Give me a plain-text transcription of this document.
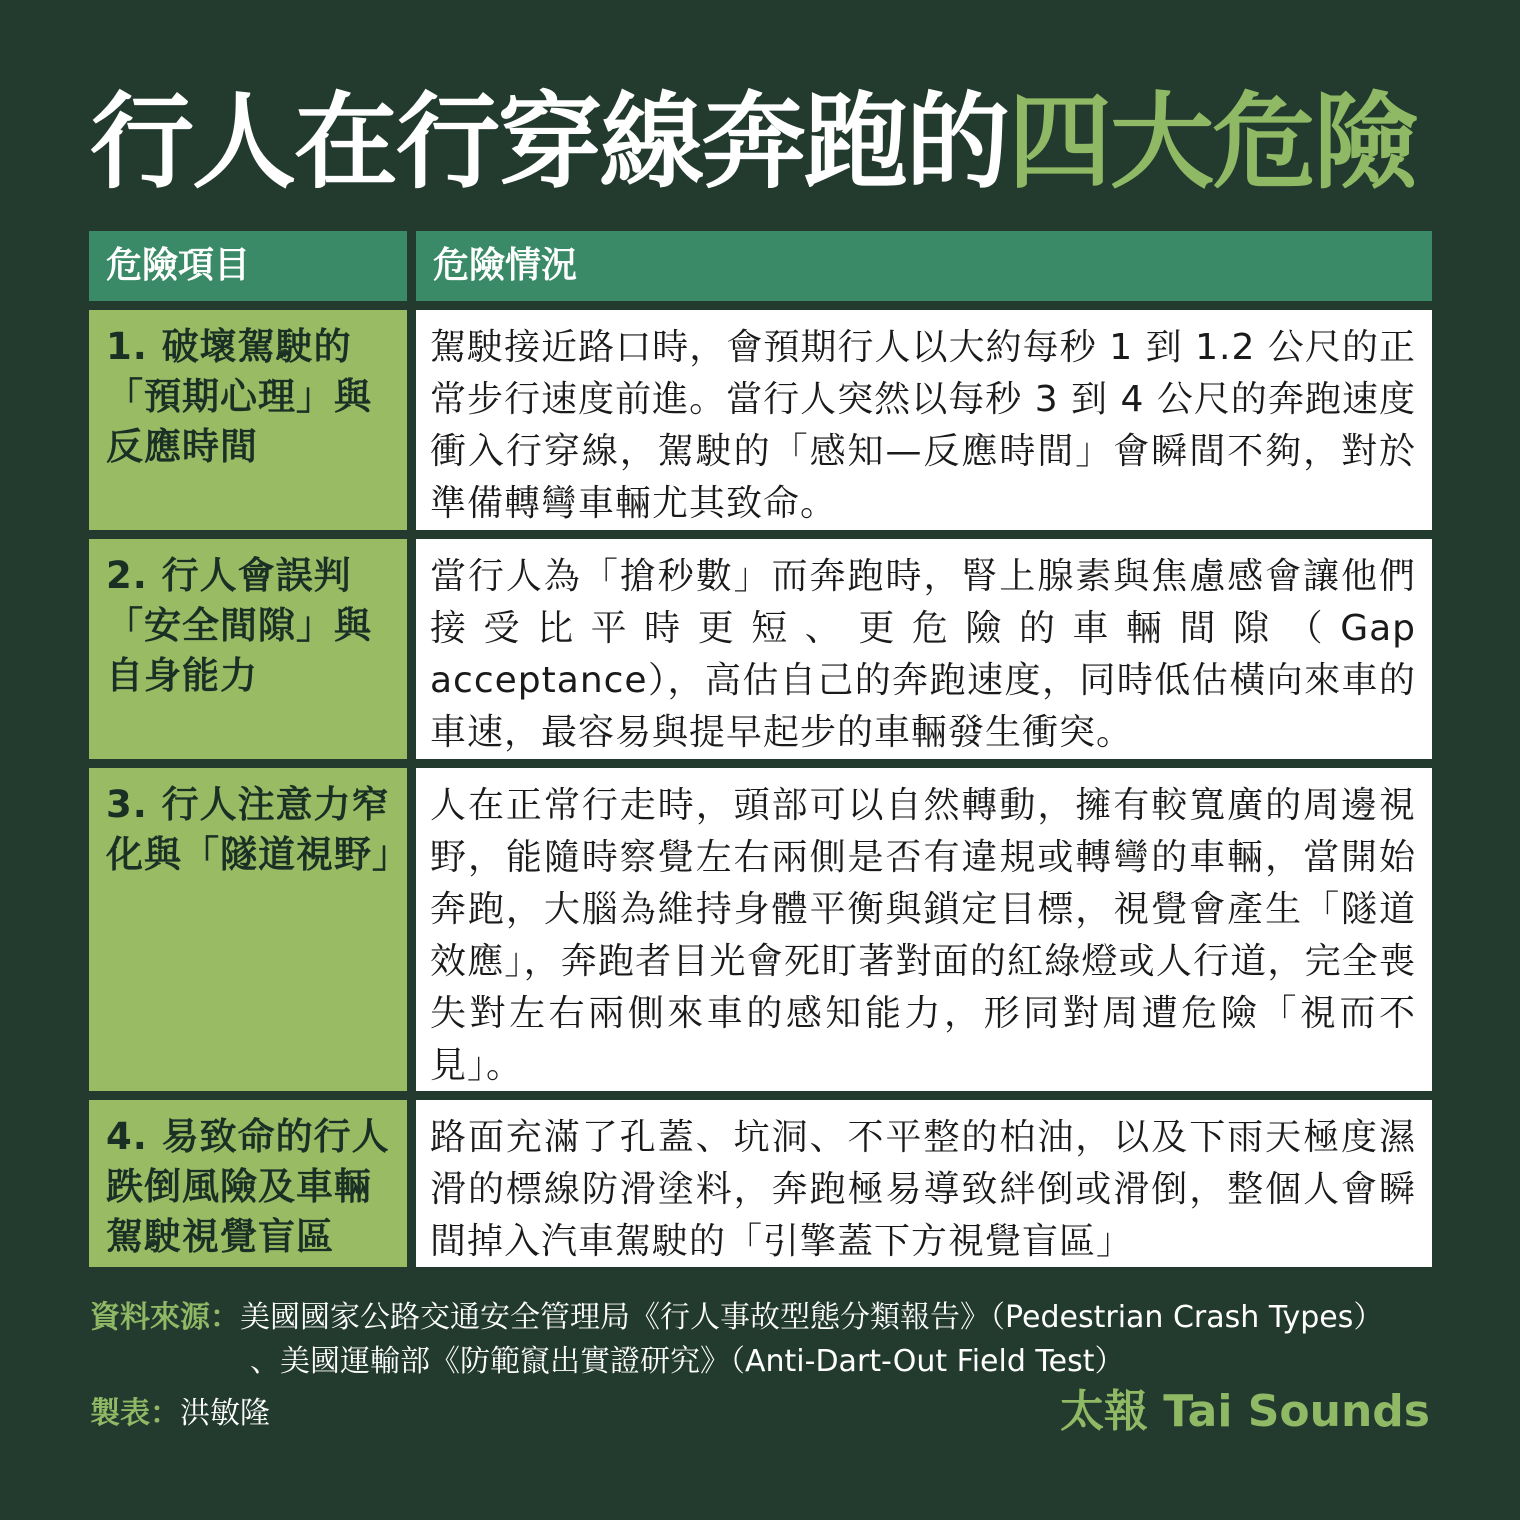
行人在行穿線奔跑的四大危險
危險項目	危險情況
1. 破壞駕駛的「預期心理」與反應時間
駕駛接近路口時，會預期行人以大約每秒 1 到 1.2 公尺的正常步行速度前進。當行人突然以每秒 3 到 4 公尺的奔跑速度衝入行穿線，駕駛的「感知—反應時間」會瞬間不夠，對於準備轉彎車輛尤其致命。
2. 行人會誤判「安全間隙」與自身能力
當行人為「搶秒數」而奔跑時，腎上腺素與焦慮感會讓他們接受比平時更短、更危險的車輛間隙（Gap acceptance），高估自己的奔跑速度，同時低估橫向來車的車速，最容易與提早起步的車輛發生衝突。
3. 行人注意力窄化與「隧道視野」
人在正常行走時，頭部可以自然轉動，擁有較寬廣的周邊視野，能隨時察覺左右兩側是否有違規或轉彎的車輛，當開始奔跑，大腦為維持身體平衡與鎖定目標，視覺會產生「隧道效應」，奔跑者目光會死盯著對面的紅綠燈或人行道，完全喪失對左右兩側來車的感知能力，形同對周遭危險「視而不見」。
4. 易致命的行人跌倒風險及車輛駕駛視覺盲區
路面充滿了孔蓋、坑洞、不平整的柏油，以及下雨天極度濕滑的標線防滑塗料，奔跑極易導致絆倒或滑倒，整個人會瞬間掉入汽車駕駛的「引擎蓋下方視覺盲區」
資料來源：美國國家公路交通安全管理局《行人事故型態分類報告》（Pedestrian Crash Types）
、美國運輸部《防範竄出實證研究》（Anti-Dart-Out Field Test）
製表：洪敏隆	太報 Tai Sounds
